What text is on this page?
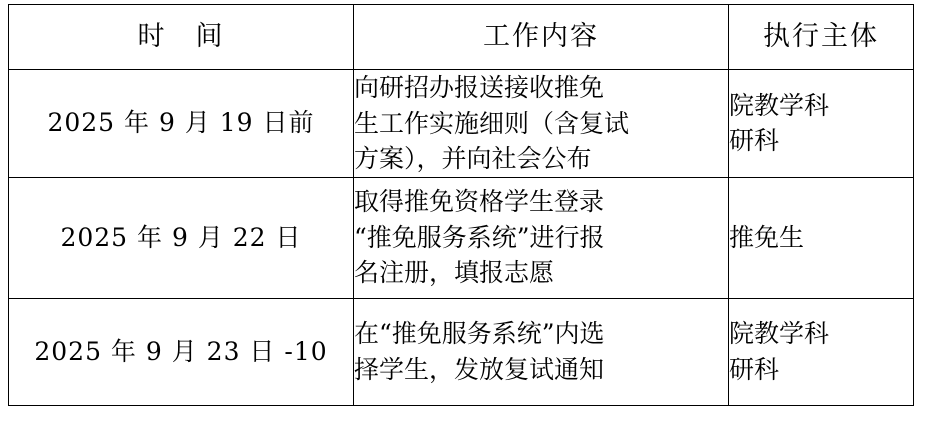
时　间	工作内容	执行主体
2025 年 9 月 19 日前	向研招办报送接收推免
生工作实施细则（含复试
方案），并向社会公布	院教学科
研科

2025 年 9 月 22 日	取得推免资格学生登录
“推免服务系统”进行报
名注册，填报志愿	推免生

2025 年 9 月 23 日 -10	在“推免服务系统”内选
择学生，发放复试通知	院教学科
研科
